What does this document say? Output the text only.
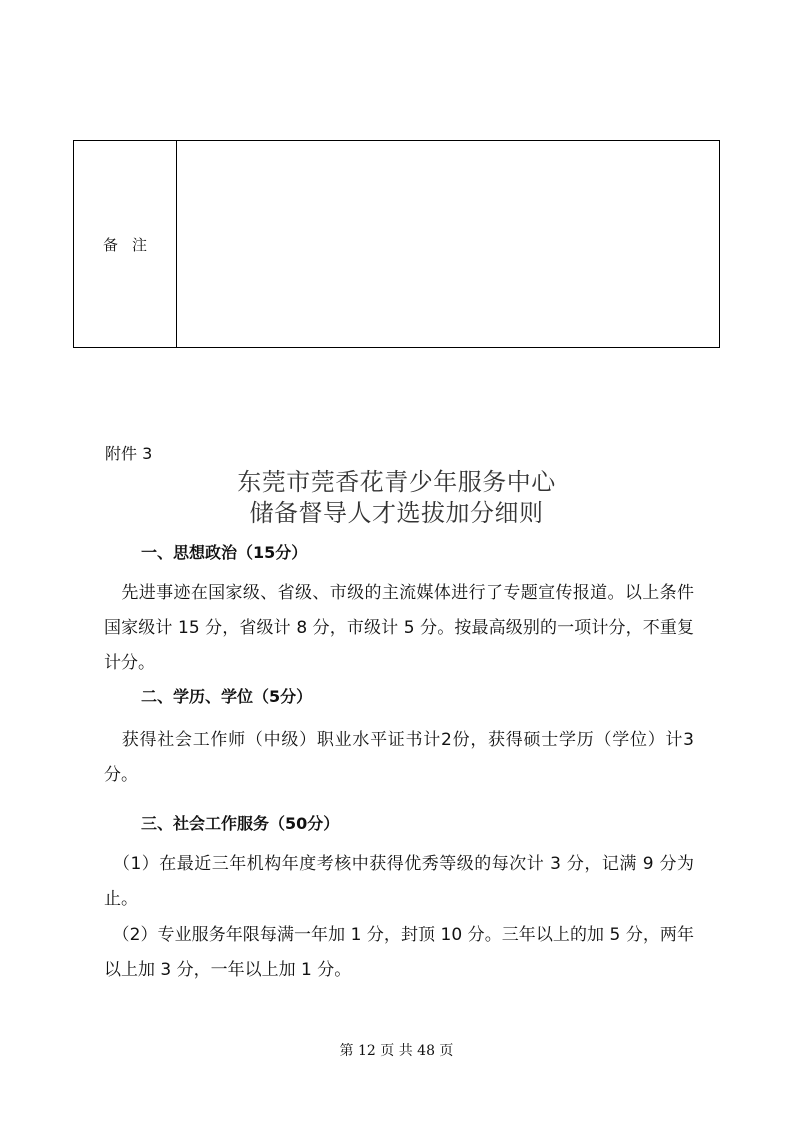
备注
附件 3
东莞市莞香花青少年服务中心
储备督导人才选拔加分细则
一、思想政治（15分）
　先进事迹在国家级、省级、市级的主流媒体进行了专题宣传报道。以上条件国家级计 15 分，省级计 8 分，市级计 5 分。按最高级别的一项计分，不重复计分。
二、学历、学位（5分）
　获得社会工作师（中级）职业水平证书计2份，获得硕士学历（学位）计3分。
三、社会工作服务（50分）
　（1）在最近三年机构年度考核中获得优秀等级的每次计 3 分，记满 9 分为止。
　（2）专业服务年限每满一年加 1 分，封顶 10 分。三年以上的加 5 分，两年以上加 3 分，一年以上加 1 分。
第 12 页 共 48 页
